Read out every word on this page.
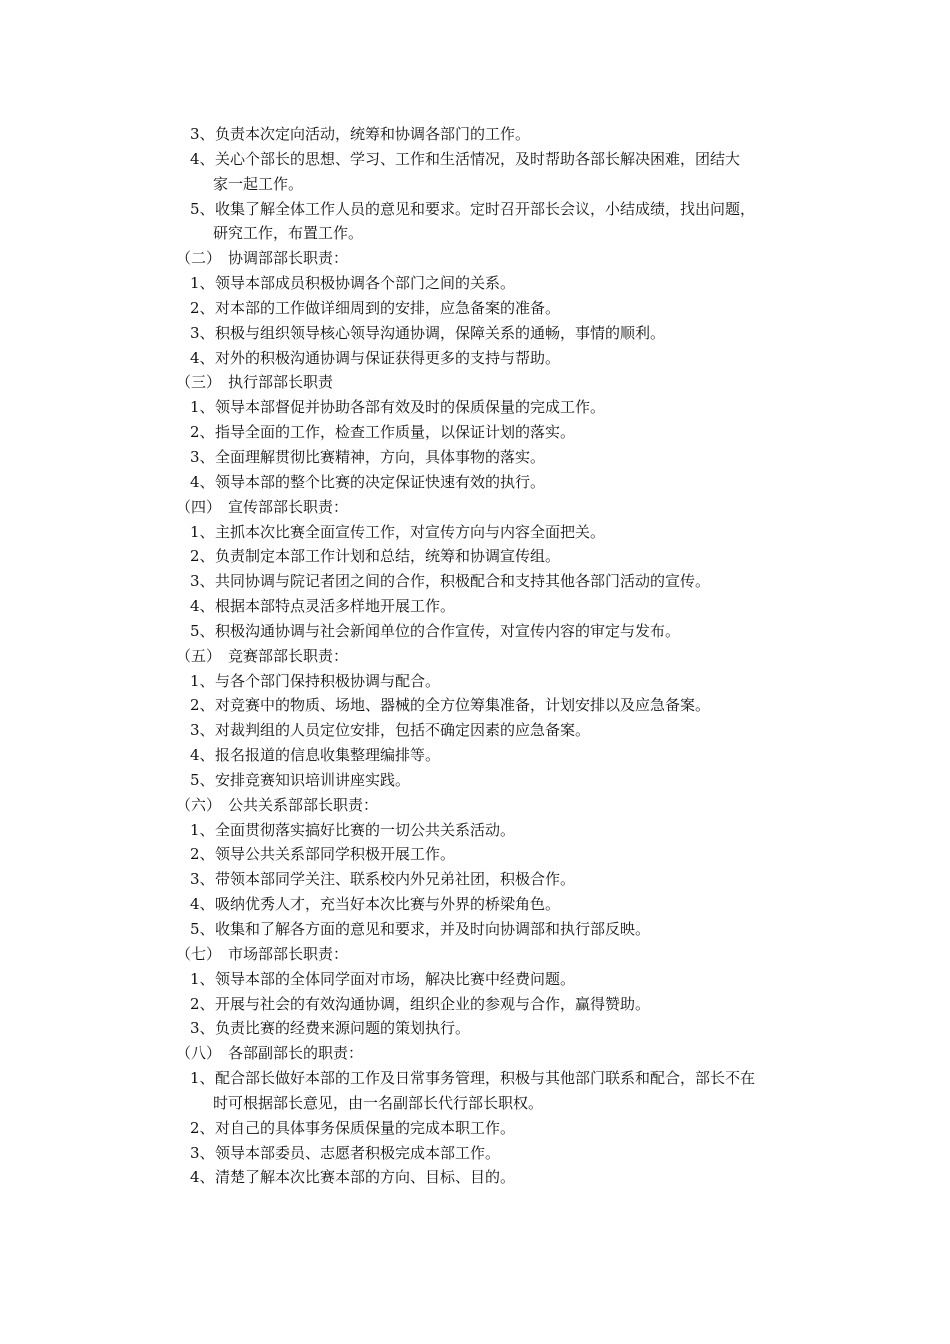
3、 负责本次定向活动，统筹和协调各部门的工作。
4、 关心个部长的思想、学习、工作和生活情况，及时帮助各部长解决困难，团结大
家一起工作。
5、 收集了解全体工作人员的意见和要求。定时召开部长会议，小结成绩，找出问题，
研究工作，布置工作。
（二） 协调部部长职责：
1、 领导本部成员积极协调各个部门之间的关系。
2、 对本部的工作做详细周到的安排，应急备案的准备。
3、 积极与组织领导核心领导沟通协调，保障关系的通畅，事情的顺利。
4、 对外的积极沟通协调与保证获得更多的支持与帮助。
（三） 执行部部长职责
1、 领导本部督促并协助各部有效及时的保质保量的完成工作。
2、 指导全面的工作，检查工作质量，以保证计划的落实。
3、 全面理解贯彻比赛精神，方向，具体事物的落实。
4、 领导本部的整个比赛的决定保证快速有效的执行。
（四） 宣传部部长职责：
1、 主抓本次比赛全面宣传工作，对宣传方向与内容全面把关。
2、 负责制定本部工作计划和总结，统筹和协调宣传组。
3、 共同协调与院记者团之间的合作，积极配合和支持其他各部门活动的宣传。
4、 根据本部特点灵活多样地开展工作。
5、 积极沟通协调与社会新闻单位的合作宣传，对宣传内容的审定与发布。
（五） 竞赛部部长职责：
1、 与各个部门保持积极协调与配合。
2、 对竞赛中的物质、场地、器械的全方位筹集准备，计划安排以及应急备案。
3、 对裁判组的人员定位安排，包括不确定因素的应急备案。
4、 报名报道的信息收集整理编排等。
5、 安排竞赛知识培训讲座实践。
（六） 公共关系部部长职责：
1、 全面贯彻落实搞好比赛的一切公共关系活动。
2、 领导公共关系部同学积极开展工作。
3、 带领本部同学关注、联系校内外兄弟社团，积极合作。
4、 吸纳优秀人才，充当好本次比赛与外界的桥梁角色。
5、 收集和了解各方面的意见和要求，并及时向协调部和执行部反映。
（七） 市场部部长职责：
1、 领导本部的全体同学面对市场，解决比赛中经费问题。
2、 开展与社会的有效沟通协调，组织企业的参观与合作，赢得赞助。
3、 负责比赛的经费来源问题的策划执行。
（八） 各部副部长的职责：
1、 配合部长做好本部的工作及日常事务管理，积极与其他部门联系和配合，部长不在
时可根据部长意见，由一名副部长代行部长职权。
2、 对自己的具体事务保质保量的完成本职工作。
3、 领导本部委员、志愿者积极完成本部工作。
4、 清楚了解本次比赛本部的方向、目标、目的。
